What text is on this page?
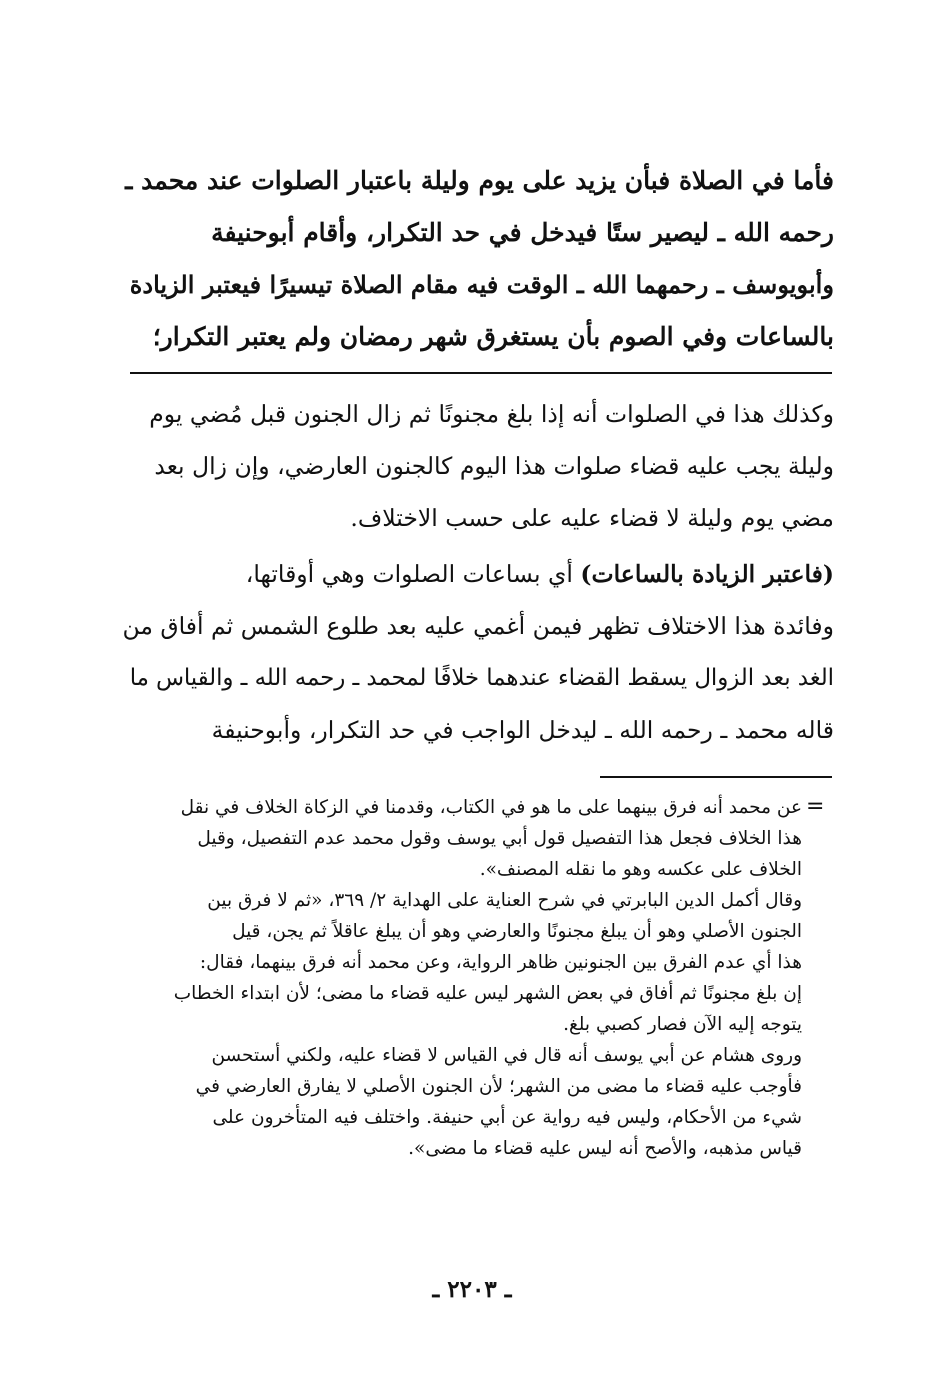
فأما في الصلاة فبأن يزيد على يوم وليلة باعتبار الصلوات عند محمد ـ
رحمه الله ـ ليصير ستًا فيدخل في حد التكرار، وأقام أبوحنيفة
وأبويوسف ـ رحمهما الله ـ الوقت فيه مقام الصلاة تيسيرًا فيعتبر الزيادة
بالساعات وفي الصوم بأن يستغرق شهر رمضان ولم يعتبر التكرار؛
وكذلك هذا في الصلوات أنه إذا بلغ مجنونًا ثم زال الجنون قبل مُضي يوم
وليلة يجب عليه قضاء صلوات هذا اليوم كالجنون العارضي، وإن زال بعد
مضي يوم وليلة لا قضاء عليه على حسب الاختلاف.
(فاعتبر الزيادة بالساعات) أي بساعات الصلوات وهي أوقاتها،
وفائدة هذا الاختلاف تظهر فيمن أغمي عليه بعد طلوع الشمس ثم أفاق من
الغد بعد الزوال يسقط القضاء عندهما خلافًا لمحمد ـ رحمه الله ـ والقياس ما
قاله محمد ـ رحمه الله ـ ليدخل الواجب في حد التكرار، وأبوحنيفة
=
عن محمد أنه فرق بينهما على ما هو في الكتاب، وقدمنا في الزكاة الخلاف في نقل
هذا الخلاف فجعل هذا التفصيل قول أبي يوسف وقول محمد عدم التفصيل، وقيل
الخلاف على عكسه وهو ما نقله المصنف».
وقال أكمل الدين البابرتي في شرح العناية على الهداية ٢/ ٣٦٩، «ثم لا فرق بين
الجنون الأصلي وهو أن يبلغ مجنونًا والعارضي وهو أن يبلغ عاقلاً ثم يجن، قيل
هذا أي عدم الفرق بين الجنونين ظاهر الرواية، وعن محمد أنه فرق بينهما، فقال:
إن بلغ مجنونًا ثم أفاق في بعض الشهر ليس عليه قضاء ما مضى؛ لأن ابتداء الخطاب
يتوجه إليه الآن فصار كصبي بلغ.
وروى هشام عن أبي يوسف أنه قال في القياس لا قضاء عليه، ولكني أستحسن
فأوجب عليه قضاء ما مضى من الشهر؛ لأن الجنون الأصلي لا يفارق العارضي في
شيء من الأحكام، وليس فيه رواية عن أبي حنيفة. واختلف فيه المتأخرون على
قياس مذهبه، والأصح أنه ليس عليه قضاء ما مضى».
ـ ٢٢٠٣ ـ
